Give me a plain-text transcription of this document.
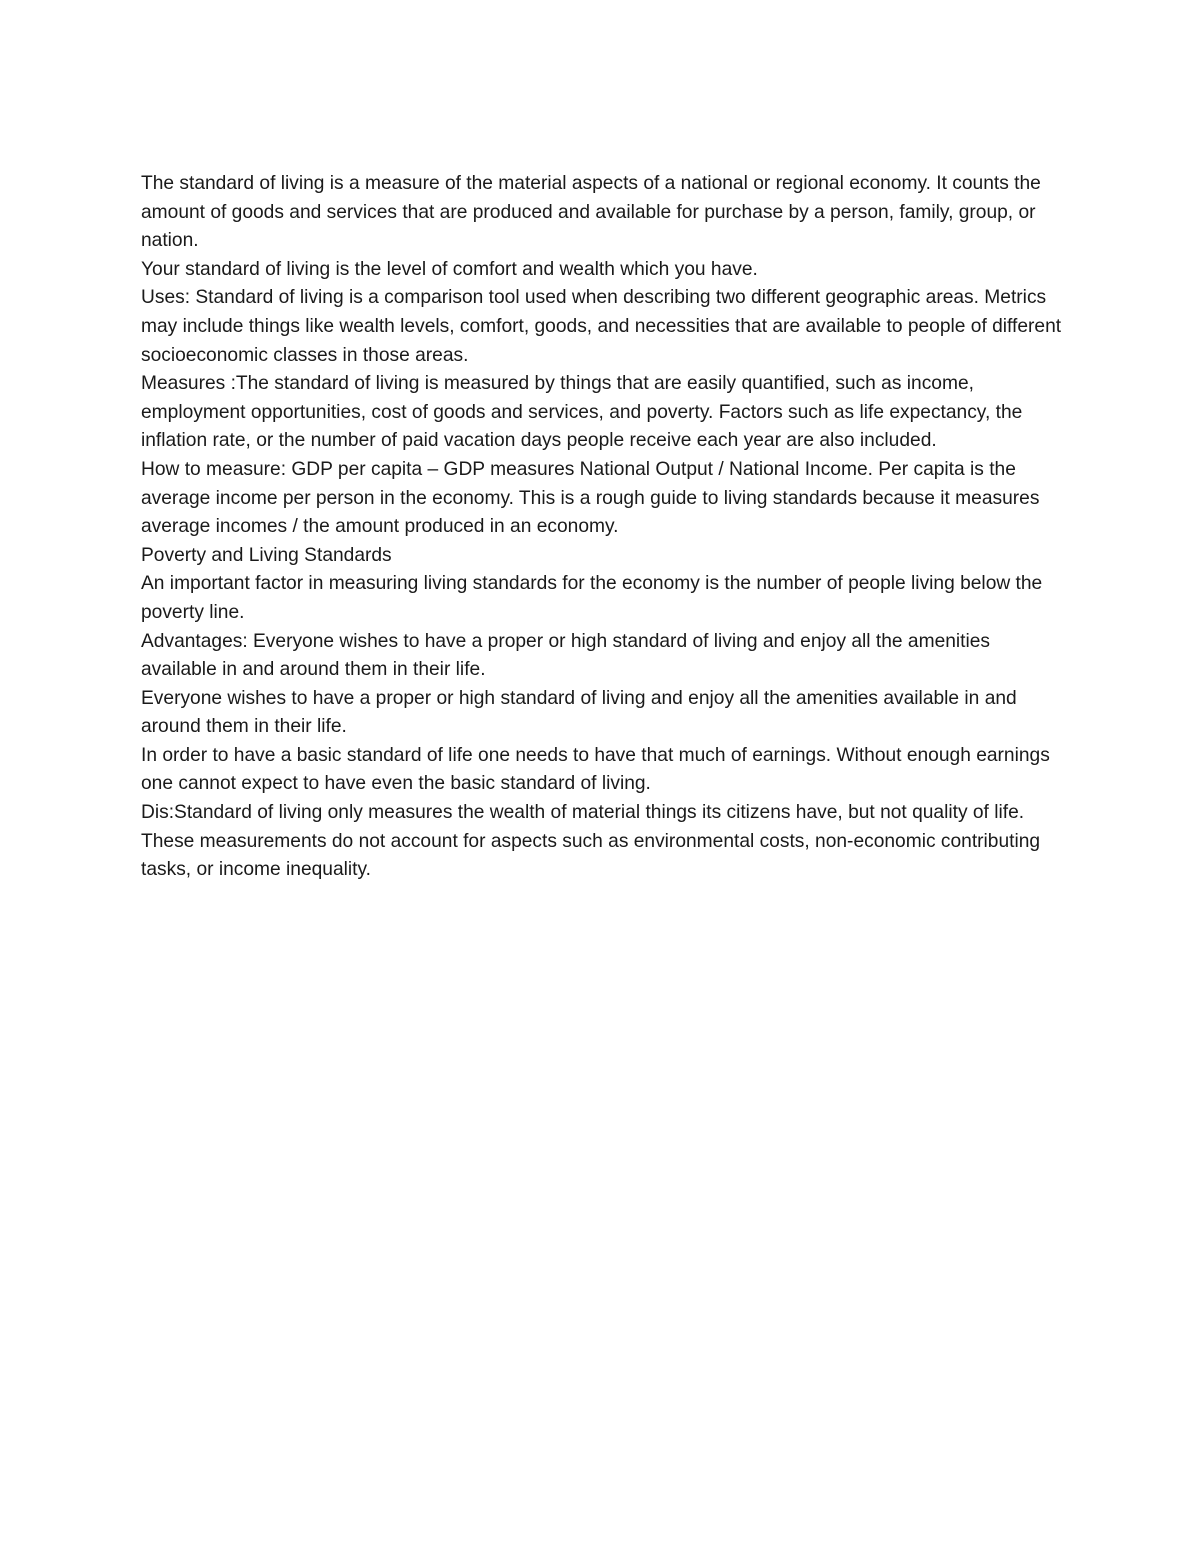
The standard of living is a measure of the material aspects of a national or regional economy. It counts the amount of goods and services that are produced and available for purchase by a person, family, group, or nation.

Your standard of living is the level of comfort and wealth which you have.

Uses: Standard of living is a comparison tool used when describing two different geographic areas. Metrics may include things like wealth levels, comfort, goods, and necessities that are available to people of different socioeconomic classes in those areas.

Measures :The standard of living is measured by things that are easily quantified, such as income, employment opportunities, cost of goods and services, and poverty. Factors such as life expectancy, the inflation rate, or the number of paid vacation days people receive each year are also included.

How to measure: GDP per capita – GDP measures National Output / National Income. Per capita is the average income per person in the economy. This is a rough guide to living standards because it measures average incomes / the amount produced in an economy.

Poverty and Living Standards

An important factor in measuring living standards for the economy is the number of people living below the poverty line.

Advantages: Everyone wishes to have a proper or high standard of living and enjoy all the amenities available in and around them in their life.

Everyone wishes to have a proper or high standard of living and enjoy all the amenities available in and around them in their life.

In order to have a basic standard of life one needs to have that much of earnings. Without enough earnings one cannot expect to have even the basic standard of living.

Dis:Standard of living only measures the wealth of material things its citizens have, but not quality of life.

These measurements do not account for aspects such as environmental costs, non-economic contributing tasks, or income inequality.
